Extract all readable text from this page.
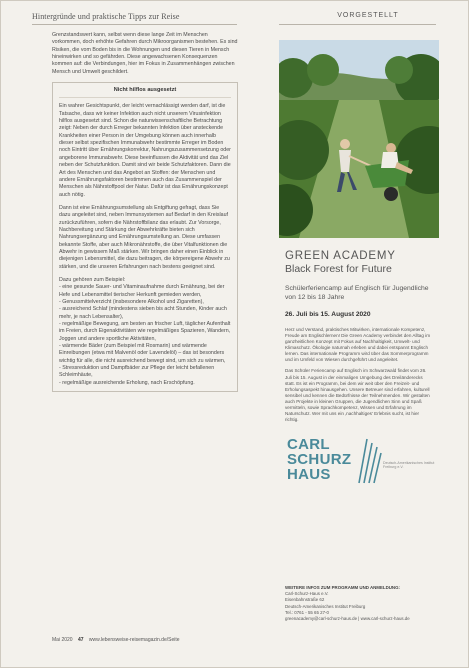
Hintergründe und praktische Tipps zur Reise	VORGESTELLT

Grenzstandswert kann, selbst wenn diese lange Zeit im Menschen vorkommen, doch erhöhte Gefahren durch Mikroorganismen bestehen. Es sind Risiken, die vom Boden bis in die Wohnungen und diesen Tieren in Mensch hineinwirken und so gefährden. Diese angewachsenen Konsequenzen kommen auf: die Verbindungen, hier im Fokus in Zusammenhängen zwischen Mensch und Umwelt geschildert.

Nicht hilflos ausgesetzt

Ein wahrer Gesichtspunkt, der leicht vernachlässigt werden darf, ist die Tatsache, dass wir keiner Infektion auch nicht unserem Virusinfektion hilflos ausgesetzt sind. Schon die naturwissenschaftliche Betrachtung zeigt: Neben der durch Erreger bekannten Infektion über ansteckende Krankheiten einer Person in der Umgebung können auch innerhalb dieser selbst spezifischen Immunabwehr bestimmte Erreger im Boden noch Eintritt über Ernährungskorrektur, Nahrungszusammensetzung oder angeborene Immunabwehr. Diese beeinflussen die Aktivität und das Ziel neben der Schutzfunktion. Damit sind wir beide Schutzfaktoren. Dann die Art des Menschen und das Angebot an Stoffen: der Menschen und andere Ernährungsfaktoren bestimmen auch das Zusammenspiel der Menschen als Nährstoffpool der Natur. Dafür ist das Ernährungskonzept auch nötig.

Dann ist eine Ernährungsumstellung als Entgiftung gefragt, dass Sie dazu angeleitet sind, neben Immunsystemen auf Bedarf in den Kreislauf zurückzuführen, sofern die Nährstoffbilanz das erlaubt. Zur Vorsorge, Nachbereitung und Stärkung der Abwehrkräfte bieten sich Nahrungsergänzung und Ernährungsumstellung an. Diese umfassen bekannte Stoffe, aber auch Mikronährstoffe, die über Vitalfunktionen die Abwehr in gewissem Maß stärken. Wir bringen daher einen Einblick in diejenigen Lebensmittel, die dazu beitragen, die körpereigene Abwehr zu stärken, und die unseren Erfahrungen nach bestens geeignet sind.

Dazu gehören zum Beispiel:
- eine gesunde Sauer- und Vitaminaufnahme durch Ernährung, bei der Hefe und Lebensmittel tierischer Herkunft gemieden werden,
- Genussmittelverzicht (insbesondere Alkohol und Zigaretten),
- ausreichend Schlaf (mindestens sieben bis acht Stunden, Kinder auch mehr, je nach Lebensalter),
- regelmäßige Bewegung, am besten an frischer Luft, täglicher Aufenthalt im Freien, durch Eigenaktivitäten wie regelmäßiges Spazieren, Wandern, Joggen und andere sportliche Aktivitäten,
- wärmende Bäder (zum Beispiel mit Rosmarin) und wärmende Einreibungen (etwa mit Malvenöl oder Lavendelöl) – das ist besonders wichtig für alle, die nicht ausreichend bewegt sind, um sich zu wärmen,
- Stressreduktion und Dampfbäder zur Pflege der leicht befallenen Schleimhäute,
- regelmäßige ausreichende Erholung, nach Erschöpfung.

Mai 2020 47 www.lebensweise-reisemagazin.de/Seite
GREEN ACADEMY
Black Forest for Future

Schülerferiencamp auf Englisch für Jugendliche von 12 bis 18 Jahre

26. Juli bis 15. August 2020

Herz und Verstand, praktisches Mitwirken, internationale Kompetenz, Freude am Englischlernen! Die Green Academy verbindet den Alltag im ganzheitlichen Konzept mit Fokus auf Nachhaltigkeit, Umwelt- und Klimaschutz. Ökologie naturnah erleben und dabei entspannt Englisch lernen. Das internationale Programm wird über das Sommerprogramm und im Umfeld von Wiesen durchgeführt und angeleitet.

Das Schüler Feriencamp auf Englisch im Schwarzwald findet vom 26. Juli bis 15. August in der einmaligen Umgebung des Dreiländerecks statt. Es ist ein Programm, bei dem wir weit über den Freizeit- und Erholungsaspekt hinausgehen. Unsere Betreuer sind erfahren, kulturell sensibel und kennen die Bedürfnisse der Teilnehmenden. Wir gestalten auch Projekte in kleinen Gruppen, die Jugendlichen Sinn und Spaß vermitteln, sowie Sprachkompetenz, Wissen und Erfahrung im Naturschutz. Wer mit uns ein ‚nachhaltiges' Erlebnis sucht, ist hier richtig.

CARL
SCHURZ
HAUS
Deutsch-Amerikanisches Institut Freiburg e.V.
WEITERE INFOS ZUM PROGRAMM UND ANMELDUNG:
Carl-Schurz-Haus e.V.
Eisenbahnstraße 62
Deutsch-Amerikanisches Institut Freiburg
Tel.: 0761 - 55 65 27-0
greenacademy@carl-schurz-haus.de | www.carl-schurz-haus.de
